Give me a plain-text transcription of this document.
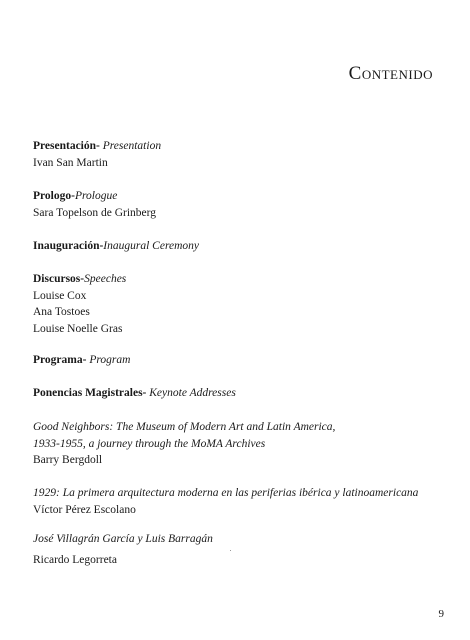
Contenido
Presentación- Presentation
Ivan San Martin
Prologo-Prologue
Sara Topelson de Grinberg
Inauguración-Inaugural Ceremony
Discursos-Speeches
Louise Cox
Ana Tostoes
Louise Noelle Gras
Programa- Program
Ponencias Magistrales- Keynote Addresses
Good Neighbors: The Museum of Modern Art and Latin America,
1933-1955, a journey through the MoMA Archives
Barry Bergdoll
1929: La primera arquitectura moderna en las periferias ibérica y latinoamericana
Víctor Pérez Escolano
José Villagrán García y Luis Barragán
Ricardo Legorreta
9
